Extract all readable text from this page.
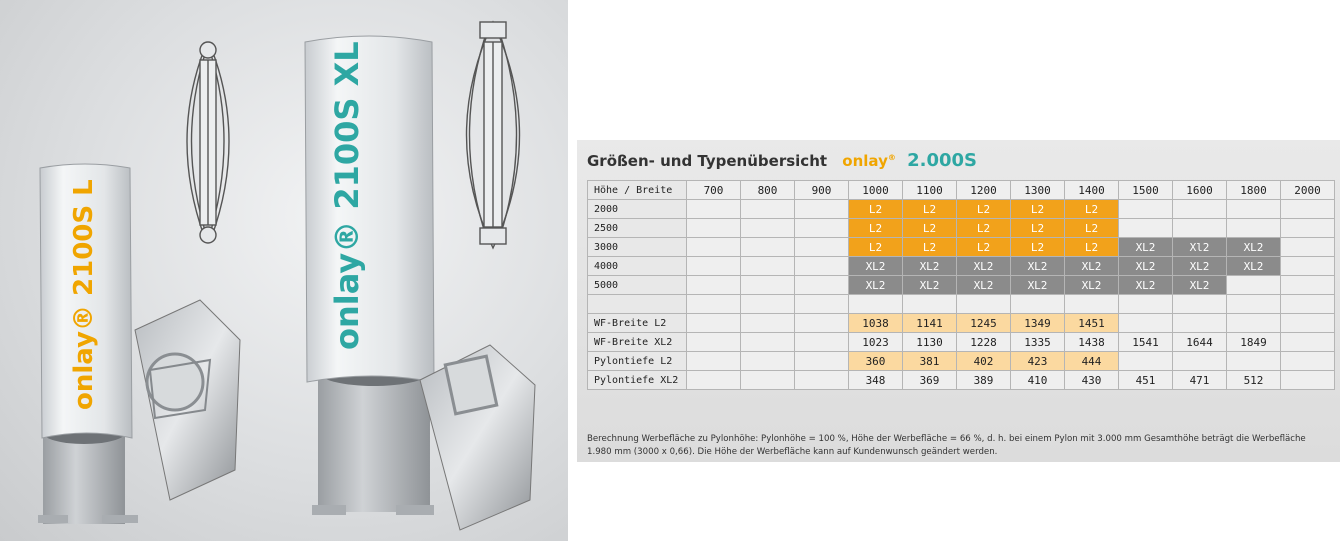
onlay® 2100S L	onlay® 2100S XL	Größen- und Typenübersicht onlay® 2.000S
Höhe / Breite	700	800	900	1000	1100	1200	1300	1400	1500	1600	1800	2000
2000				L2	L2	L2	L2	L2				
2500				L2	L2	L2	L2	L2				
3000				L2	L2	L2	L2	L2	XL2	Xl2	XL2	
4000				XL2	XL2	XL2	XL2	XL2	XL2	XL2	XL2	
5000				XL2	XL2	XL2	XL2	XL2	XL2	XL2		

WF-Breite L2				1038	1141	1245	1349	1451				
WF-Breite XL2				1023	1130	1228	1335	1438	1541	1644	1849	
Pylontiefe L2				360	381	402	423	444				
Pylontiefe XL2				348	369	389	410	430	451	471	512	
Berechnung Werbefläche zu Pylonhöhe: Pylonhöhe = 100 %, Höhe der Werbefläche = 66 %, d. h. bei einem Pylon mit 3.000 mm Gesamthöhe beträgt die Werbefläche 1.980 mm (3000 x 0,66). Die Höhe der Werbefläche kann auf Kundenwunsch geändert werden.
